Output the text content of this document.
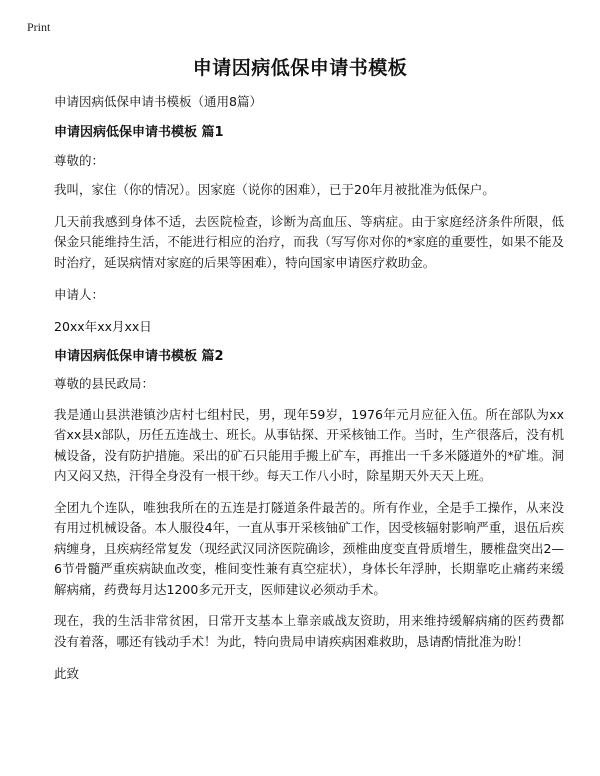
Print
申请因病低保申请书模板

申请因病低保申请书模板（通用8篇）

申请因病低保申请书模板 篇1

尊敬的：

我叫，家住（你的情况）。因家庭（说你的困难），已于20年月被批准为低保户。

几天前我感到身体不适，去医院检查，诊断为高血压、等病症。由于家庭经济条件所限，低保金只能维持生活，不能进行相应的治疗，而我（写写你对你的*家庭的重要性，如果不能及时治疗，延误病情对家庭的后果等困难），特向国家申请医疗救助金。

申请人：

20xx年xx月xx日

申请因病低保申请书模板 篇2

尊敬的县民政局：

我是通山县洪港镇沙店村七组村民，男，现年59岁，1976年元月应征入伍。所在部队为xx省xx县x部队，历任五连战士、班长。从事钻探、开采核铀工作。当时，生产很落后，没有机械设备，没有防护措施。采出的矿石只能用手搬上矿车，再推出一千多米隧道外的*矿堆。洞内又闷又热，汗得全身没有一根干纱。每天工作八小时，除星期天外天天上班。

全团九个连队，唯独我所在的五连是打隧道条件最苦的。所有作业，全是手工操作，从来没有用过机械设备。本人服役4年，一直从事开采核铀矿工作，因受核辐射影响严重，退伍后疾病缠身，且疾病经常复发（现经武汉同济医院确诊，颈椎曲度变直骨质增生，腰椎盘突出2—6节骨髓严重疾病缺血改变，椎间变性兼有真空症状），身体长年浮肿，长期靠吃止痛药来缓解病痛，药费每月达1200多元开支，医师建议必须动手术。

现在，我的生活非常贫困，日常开支基本上靠亲戚战友资助，用来维持缓解病痛的医药费都没有着落，哪还有钱动手术！为此，特向贵局申请疾病困难救助，恳请酌情批准为盼！

此致
